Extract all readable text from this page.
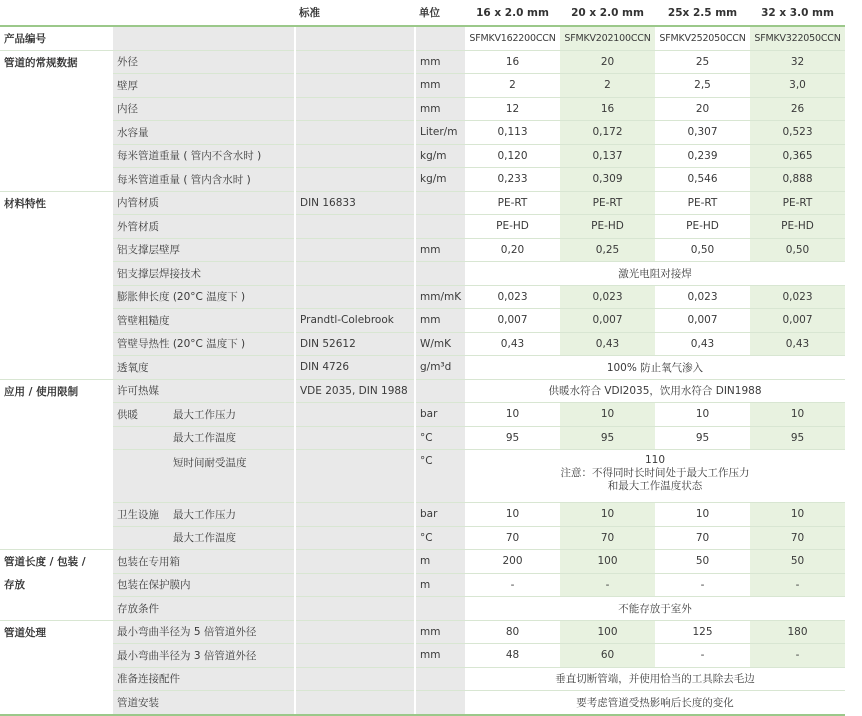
		标准	单位	16 x 2.0 mm	20 x 2.0 mm	25x 2.5 mm	32 x 3.0 mm
产品编号				SFMKV162200CCN	SFMKV202100CCN	SFMKV252050CCN	SFMKV322050CCN
管道的常规数据	外径		mm	16	20	25	32
	壁厚		mm	2	2	2,5	3,0
	内径		mm	12	16	20	26
	水容量		Liter/m	0,113	0,172	0,307	0,523
	每米管道重量 ( 管内不含水时 )		kg/m	0,120	0,137	0,239	0,365
	每米管道重量 ( 管内含水时 )		kg/m	0,233	0,309	0,546	0,888
材料特性	内管材质	DIN 16833		PE-RT	PE-RT	PE-RT	PE-RT
	外管材质			PE-HD	PE-HD	PE-HD	PE-HD
	铝支撑层壁厚		mm	0,20	0,25	0,50	0,50
	铝支撑层焊接技术			激光电阻对接焊			
	膨胀伸长度 (20°C 温度下 )		mm/mK	0,023	0,023	0,023	0,023
	管壁粗糙度	Prandtl-Colebrook	mm	0,007	0,007	0,007	0,007
	管壁导热性 (20°C 温度下 )	DIN 52612	W/mK	0,43	0,43	0,43	0,43
	透氧度	DIN 4726	g/m³d	100% 防止氧气渗入			
应用 / 使用限制	许可热媒	VDE 2035, DIN 1988		供暖水符合 VDI2035，饮用水符合 DIN1988			
	供暖 最大工作压力		bar	10	10	10	10
	最大工作温度		°C	95	95	95	95
	短时间耐受温度		°C	110
注意：不得同时长时间处于最大工作压力
和最大工作温度状态			

	卫生设施 最大工作压力		bar	10	10	10	10
	最大工作温度		°C	70	70	70	70
管道长度 / 包装 /	包装在专用箱		m	200	100	50	50
存放	包装在保护膜内		m	-	-	-	-
	存放条件			不能存放于室外			
管道处理	最小弯曲半径为 5 倍管道外径		mm	80	100	125	180
	最小弯曲半径为 3 倍管道外径		mm	48	60	-	-
	准备连接配件			垂直切断管端，并使用恰当的工具除去毛边			
	管道安装			要考虑管道受热影响后长度的变化			
